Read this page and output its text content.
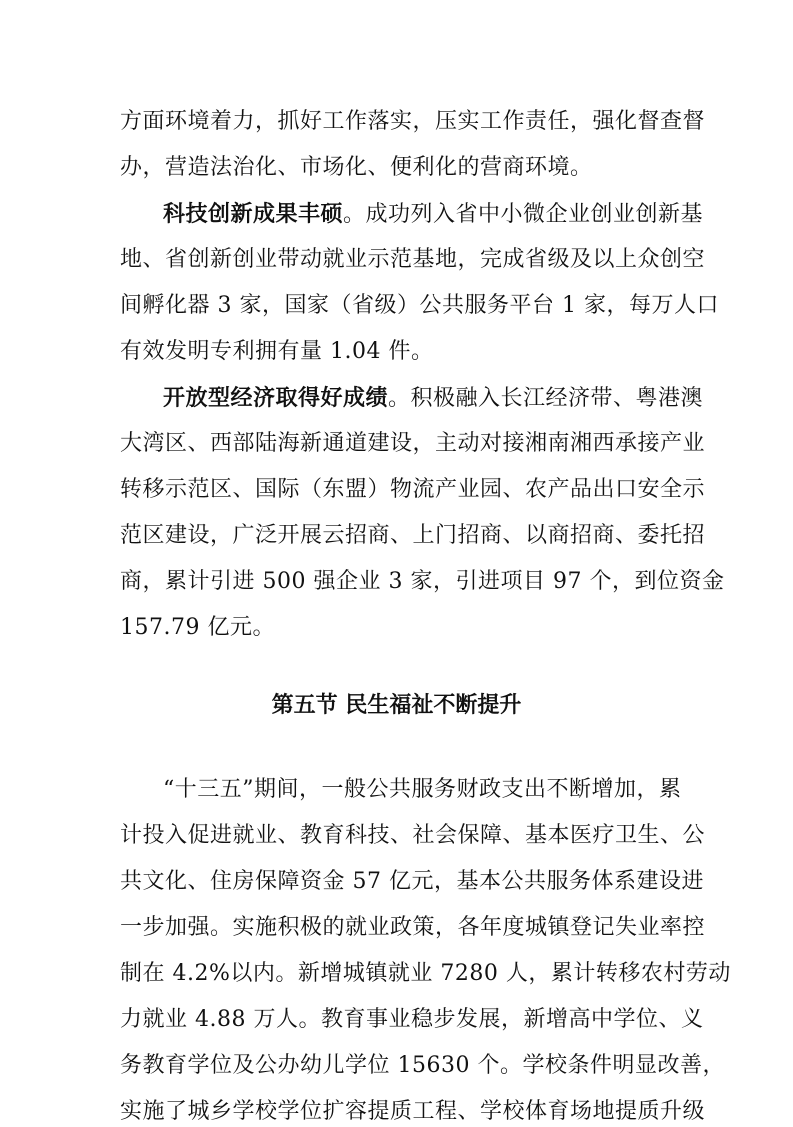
方面环境着力，抓好工作落实，压实工作责任，强化督查督
办，营造法治化、市场化、便利化的营商环境。
科技创新成果丰硕。成功列入省中小微企业创业创新基
地、省创新创业带动就业示范基地，完成省级及以上众创空
间孵化器 3 家，国家（省级）公共服务平台 1 家，每万人口
有效发明专利拥有量 1.04 件。
开放型经济取得好成绩。积极融入长江经济带、粤港澳
大湾区、西部陆海新通道建设，主动对接湘南湘西承接产业
转移示范区、国际（东盟）物流产业园、农产品出口安全示
范区建设，广泛开展云招商、上门招商、以商招商、委托招
商，累计引进 500 强企业 3 家，引进项目 97 个，到位资金
157.79 亿元。
第五节 民生福祉不断提升
“十三五”期间，一般公共服务财政支出不断增加，累
计投入促进就业、教育科技、社会保障、基本医疗卫生、公
共文化、住房保障资金 57 亿元，基本公共服务体系建设进
一步加强。实施积极的就业政策，各年度城镇登记失业率控
制在 4.2%以内。新增城镇就业 7280 人，累计转移农村劳动
力就业 4.88 万人。教育事业稳步发展，新增高中学位、义
务教育学位及公办幼儿学位 15630 个。学校条件明显改善，
实施了城乡学校学位扩容提质工程、学校体育场地提质升级
